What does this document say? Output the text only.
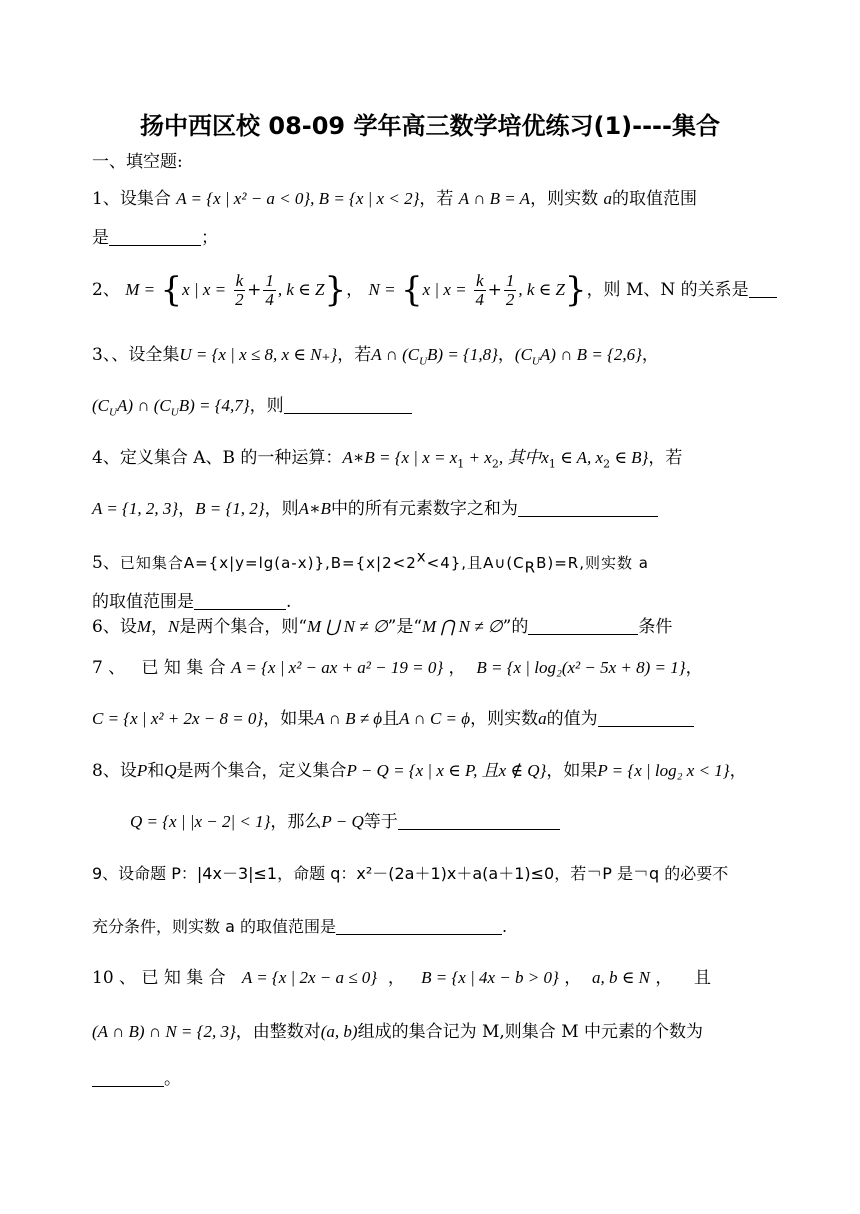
扬中西区校 08-09 学年高三数学培优练习(1)----集合
一、填空题:
1、设集合 A = {x | x² − a < 0}, B = {x | x < 2}，若 A ∩ B = A，则实数 a的取值范围
是	；
2、 M = {x | $x = \frac{k}{2} + \frac{1}{4}$ , k ∈ Z}， N = {x | $x = \frac{k}{4} + \frac{1}{2}$ , k ∈ Z}，则 M、N 的关系是
3、、设全集U = {x | x ≤ 8, x ∈ N₊}，若A ∩ $(C_UB) = \{1,8\}$，$(C_UA)$ ∩ B = {2,6}，
$(C_UA)$ ∩ $(C_UB) = \{4,7\}$，则
4、定义集合 A、B 的一种运算：A∗B = {x | $x = x_1 + x_2$, 其中$x_1$ ∈ A, $x_2$ ∈ B}，若
A = {1, 2, 3}，B = {1, 2}，则A∗B中的所有元素数字之和为
5、已知集合$A=\{x|y=\lg(a-x)\},B=\{x|2<2^x<4\}$,且$A\cup(C_RB)=R$,则实数 a
的取值范围是	.
6、设M，N是两个集合，则“M ⋃ N ≠ ∅”是“M ⋂ N ≠ ∅”的	条件
7 、 已 知 集 合 A = {x | x² − ax + a² − 19 = 0} ， B = {x | log₂(x² − 5x + 8) = 1}，
C = {x | x² + 2x − 8 = 0}，如果A ∩ B ≠ ϕ且A ∩ C = ϕ，则实数a的值为
8、设P和Q是两个集合，定义集合P − Q = {x | x ∈ P, 且x ∉ Q}，如果P = {x | log₂ x < 1}，
Q = {x | |x − 2| < 1}，那么P − Q等于
9、设命题 P：|4x－3|≤1，命题 q：x²－(2a＋1)x＋a(a＋1)≤0，若￢P 是￢q 的必要不
充分条件，则实数 a 的取值范围是	.
10 、 已 知 集 合 A = {x | 2x − a ≤ 0} ， B = {x | 4x − b > 0} ， a, b ∈ N ， 且
(A ∩ B) ∩ N = {2, 3}，由整数对(a, b)组成的集合记为 M,则集合 M 中元素的个数为
。
